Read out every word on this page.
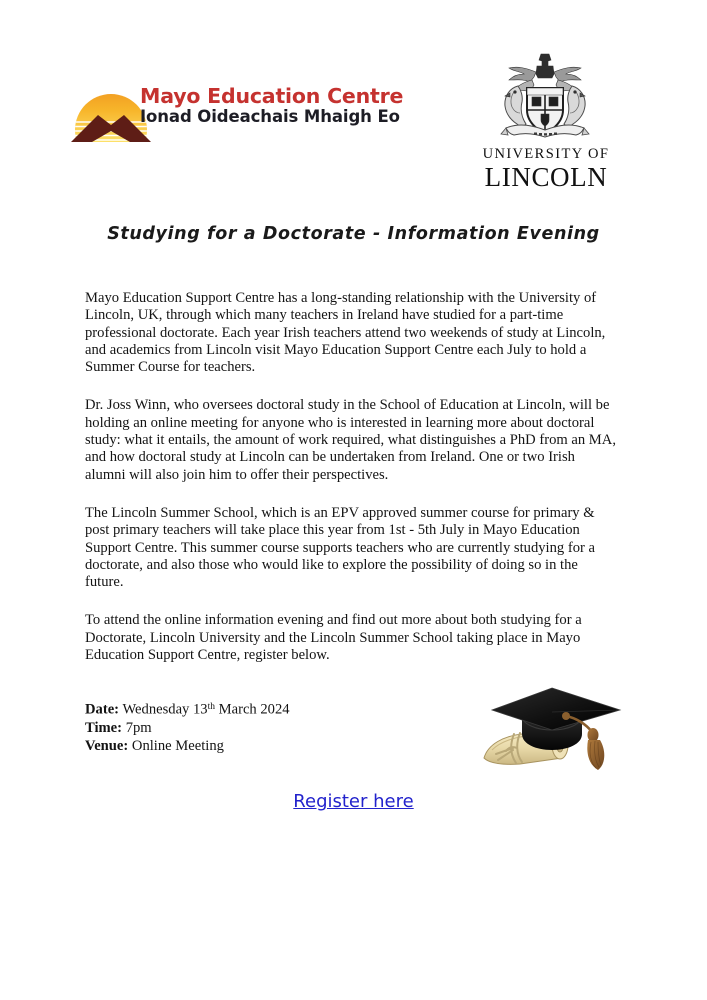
Mayo Education Centre
Ionad Oideachais Mhaigh Eo
UNIVERSITY OF
LINCOLN
Studying for a Doctorate - Information Evening

Mayo Education Support Centre has a long-standing relationship with the University of Lincoln, UK, through which many teachers in Ireland have studied for a part-time professional doctorate. Each year Irish teachers attend two weekends of study at Lincoln, and academics from Lincoln visit Mayo Education Support Centre each July to hold a Summer Course for teachers.

Dr. Joss Winn, who oversees doctoral study in the School of Education at Lincoln, will be holding an online meeting for anyone who is interested in learning more about doctoral study: what it entails, the amount of work required, what distinguishes a PhD from an MA, and how doctoral study at Lincoln can be undertaken from Ireland. One or two Irish alumni will also join him to offer their perspectives.

The Lincoln Summer School, which is an EPV approved summer course for primary & post primary teachers will take place this year from 1st - 5th July in Mayo Education Support Centre. This summer course supports teachers who are currently studying for a doctorate, and also those who would like to explore the possibility of doing so in the future.

To attend the online information evening and find out more about both studying for a Doctorate, Lincoln University and the Lincoln Summer School taking place in Mayo Education Support Centre, register below.

Date: Wednesday 13th March 2024
Time: 7pm
Venue: Online Meeting
Register here
